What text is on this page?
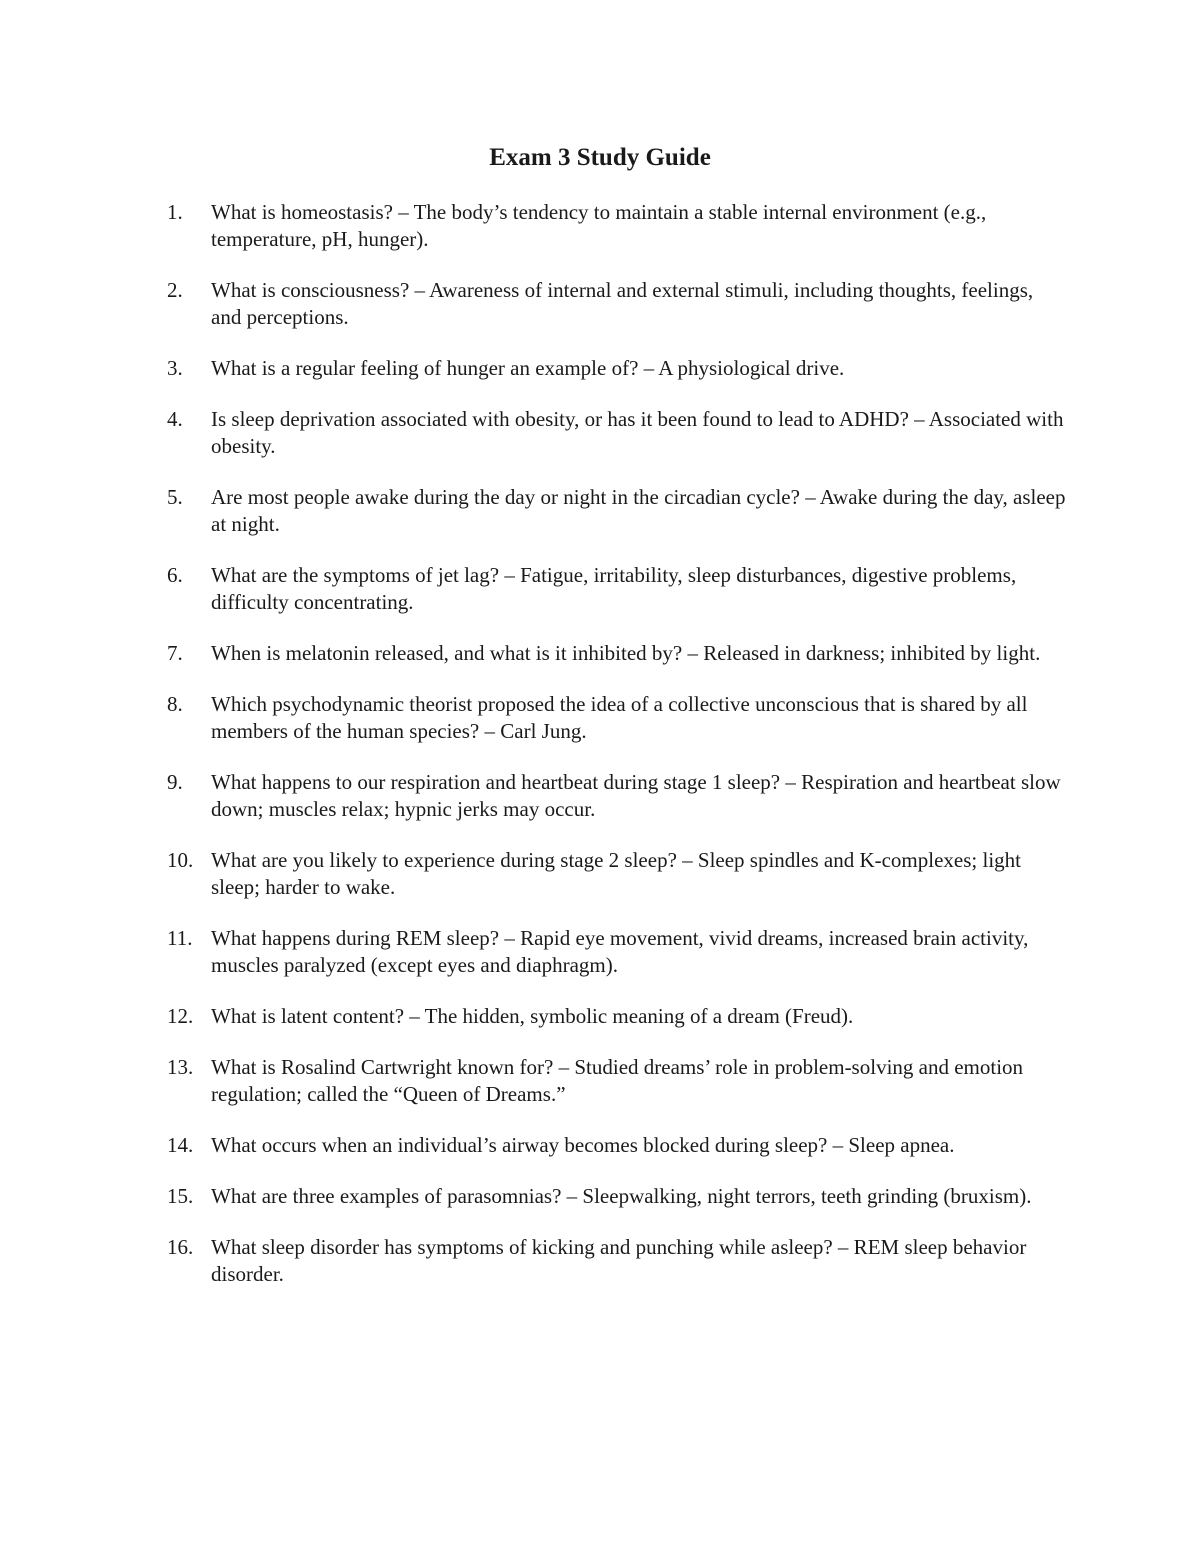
Exam 3 Study Guide
1.	What is homeostasis? – The body’s tendency to maintain a stable internal environment (e.g., temperature, pH, hunger).
2.	What is consciousness? – Awareness of internal and external stimuli, including thoughts, feelings, and perceptions.
3.	What is a regular feeling of hunger an example of? – A physiological drive.
4.	Is sleep deprivation associated with obesity, or has it been found to lead to ADHD? – Associated with obesity.
5.	Are most people awake during the day or night in the circadian cycle? – Awake during the day, asleep at night.
6.	What are the symptoms of jet lag? – Fatigue, irritability, sleep disturbances, digestive problems, difficulty concentrating.
7.	When is melatonin released, and what is it inhibited by? – Released in darkness; inhibited by light.
8.	Which psychodynamic theorist proposed the idea of a collective unconscious that is shared by all members of the human species? – Carl Jung.
9.	What happens to our respiration and heartbeat during stage 1 sleep? – Respiration and heartbeat slow down; muscles relax; hypnic jerks may occur.
10. What are you likely to experience during stage 2 sleep? – Sleep spindles and K-complexes; light sleep; harder to wake.
11. What happens during REM sleep? – Rapid eye movement, vivid dreams, increased brain activity, muscles paralyzed (except eyes and diaphragm).
12. What is latent content? – The hidden, symbolic meaning of a dream (Freud).
13. What is Rosalind Cartwright known for? – Studied dreams’ role in problem-solving and emotion regulation; called the “Queen of Dreams.”
14. What occurs when an individual’s airway becomes blocked during sleep? – Sleep apnea.
15. What are three examples of parasomnias? – Sleepwalking, night terrors, teeth grinding (bruxism).
16. What sleep disorder has symptoms of kicking and punching while asleep? – REM sleep behavior disorder.
